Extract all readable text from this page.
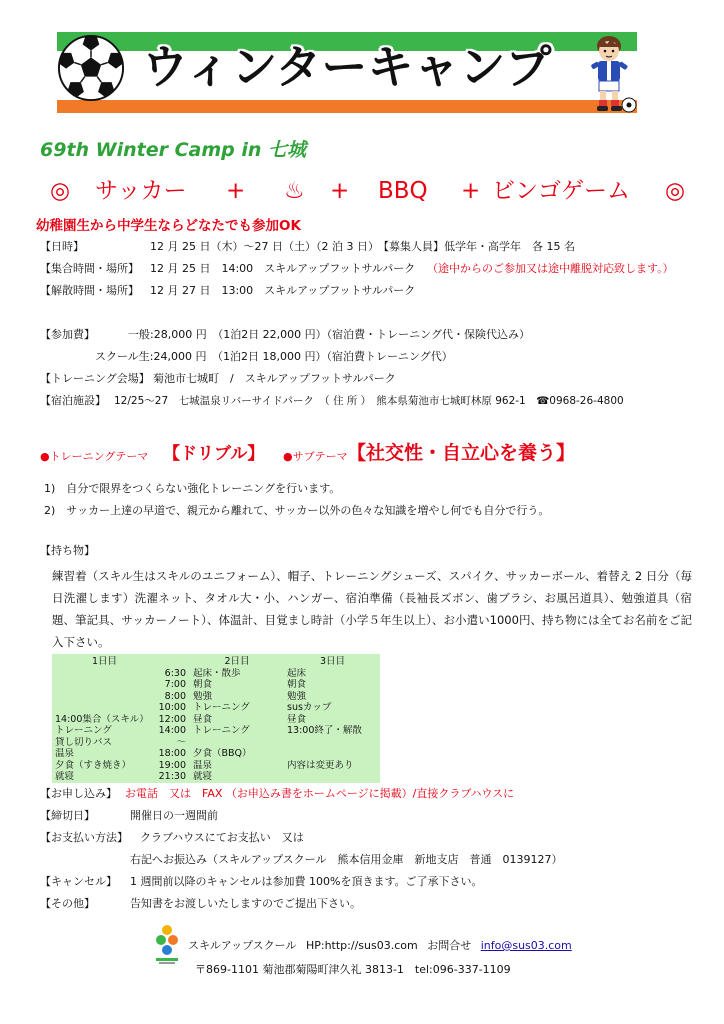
ウィンターキャンプ
69th Winter Camp in 七城
◎ サッカー + ♨ + BBQ + ビンゴゲーム ◎
幼稚園生から中学生ならどなたでも参加OK
【日時】	12 月 25 日（木）～27 日（土）（2 泊 3 日） 【募集人員】 低学年・高学年　各 15 名
【集合時間・場所】 12 月 25 日　14:00　スキルアップフットサルパーク （途中からのご参加又は途中離脱対応致します。）
【解散時間・場所】 12 月 27 日　13:00　スキルアップフットサルパーク
【参加費】	一般:28,000 円　（1泊2日 22,000 円）（宿泊費・トレーニング代・保険代込み）
スクール生:24,000 円　（1泊2日 18,000 円）（宿泊費トレーニング代）
【トレーニング会場】 菊池市七城町　/　スキルアップフットサルパーク
【宿泊施設】 12/25～27　七城温泉リバーサイドパーク　（ 住 所 ）　熊本県菊池市七城町林原 962-1　☎0968-26-4800
●トレーニングテーマ 【ドリブル】 ●サブテーマ 【社交性・自立心を養う】
1)　自分で限界をつくらない強化トレーニングを行います。
2)　サッカー上達の早道で、親元から離れて、サッカー以外の色々な知識を増やし何でも自分で行う。
【持ち物】
練習着（スキル生はスキルのユニフォーム）、帽子、トレーニングシューズ、スパイク、サッカーボール、着替え 2 日分（毎日洗濯します）洗濯ネット、タオル大・小、ハンガー、宿泊準備（長袖長ズボン、歯ブラシ、お風呂道具）、勉強道具（宿題、筆記具、サッカーノート）、体温計、目覚まし時計（小学５年生以上）、お小遣い1000円、持ち物には全てお名前をご記入下さい。
1日目	2日目		3日目
	6:30	起床・散歩	起床
	7:00	朝食	朝食
	8:00	勉強	勉強
	10:00	トレーニング	susカップ
14:00集合（スキル）	12:00	昼食	昼食
トレーニング	14:00	トレーニング	13:00終了・解散
貸し切りバス	～		
温泉	18:00	夕食（BBQ）	
夕食（すき焼き）	19:00	温泉	内容は変更あり
就寝	21:30	就寝	
【お申し込み】 お電話　又は　FAX （お申込み書をホームページに掲載）/直接クラブハウスに
【締切日】	開催日の一週間前
【お支払い方法】 クラブハウスにてお支払い　又は
右記へお振込み（スキルアップスクール　熊本信用金庫　新地支店　普通　0139127）
【キャンセル】 1 週間前以降のキャンセルは参加費 100%を頂きます。ご了承下さい。
【その他】	告知書をお渡しいたしますのでご提出下さい。
スキルアップスクール HP:http://sus03.com お問合せ info@sus03.com
〒869-1101 菊池郡菊陽町津久礼 3813-1　tel:096-337-1109
